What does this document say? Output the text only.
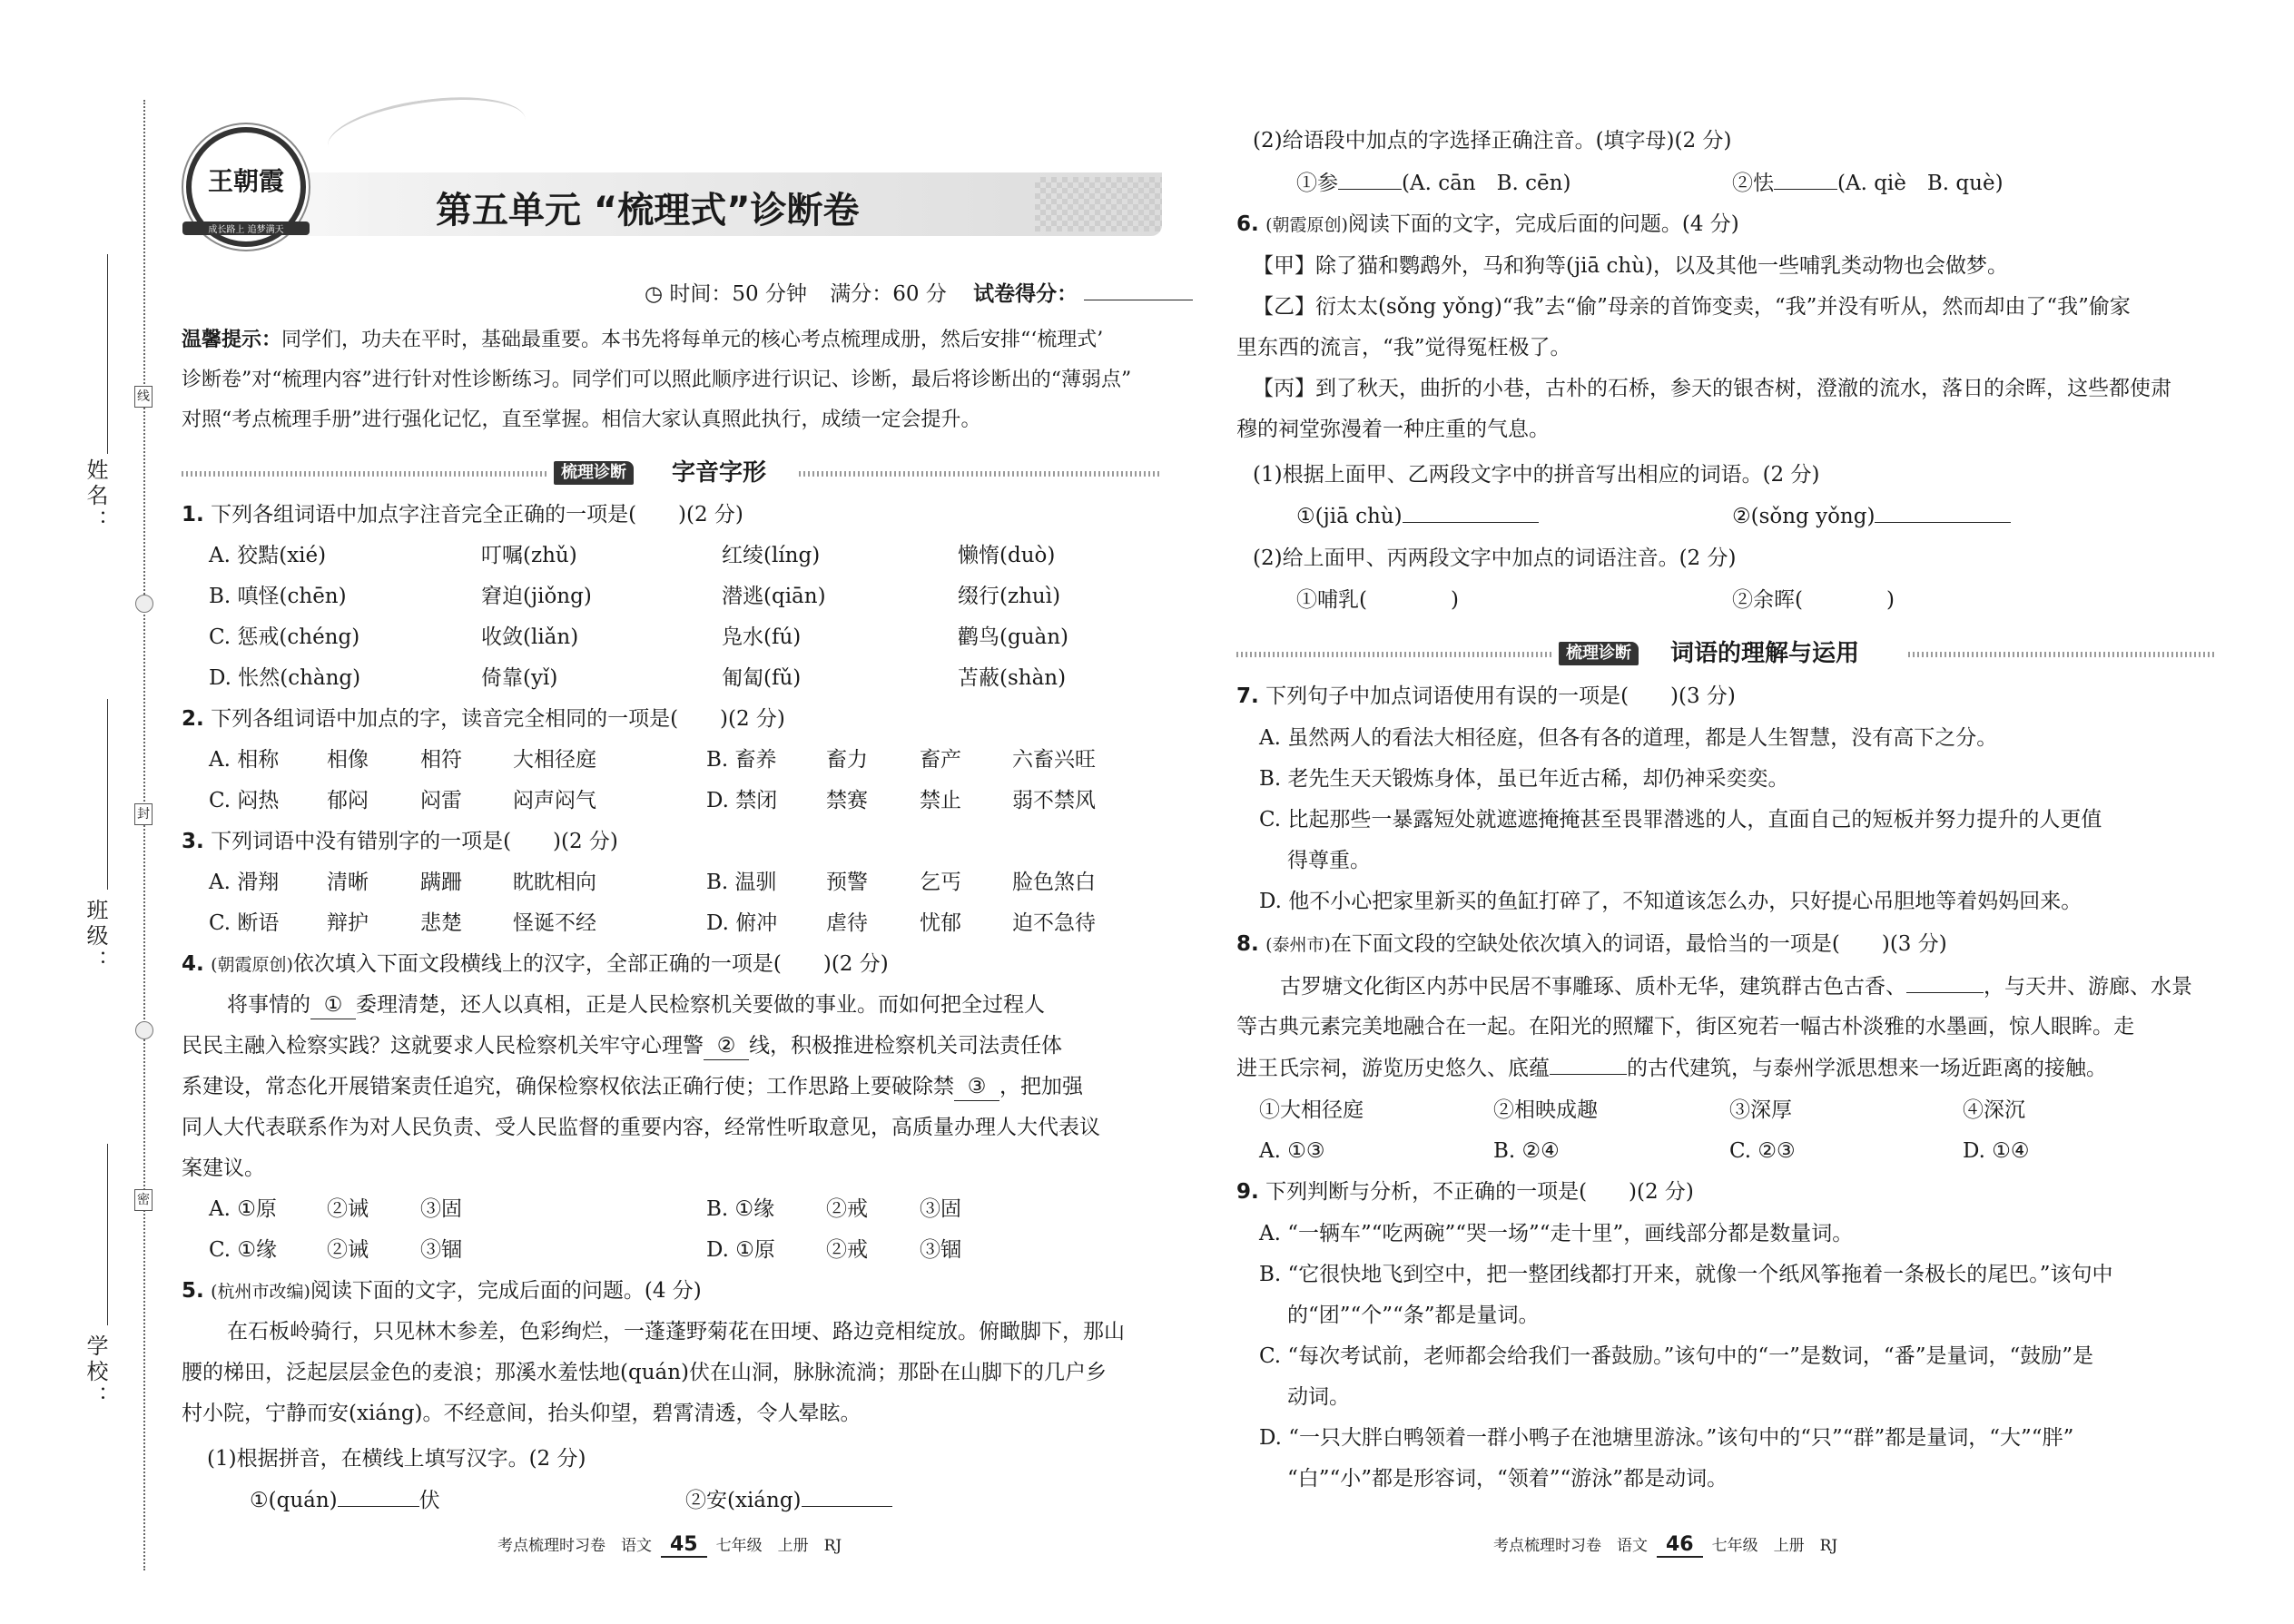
姓名：
班级：
学校：
线
封
密
王朝霞
成长路上 追梦满天	第五单元 “梳理式”诊断卷
◷ 时间：50 分钟 满分：60 分 试卷得分：
温馨提示：同学们，功夫在平时，基础最重要。本书先将每单元的核心考点梳理成册，然后安排“‘梳理式’
诊断卷”对“梳理内容”进行针对性诊断练习。同学们可以照此顺序进行识记、诊断，最后将诊断出的“薄弱点”
对照“考点梳理手册”进行强化记忆，直至掌握。相信大家认真照此执行，成绩一定会提升。
梳理诊断	字音字形
1. 下列各组词语中加点字注音完全正确的一项是(　　)(2 分)
A. 狡黠(xié)	叮嘱(zhǔ)	红绫(líng)	懒惰(duò)
B. 嗔怪(chēn)	窘迫(jiǒng)	潜逃(qiān)	缀行(zhuì)
C. 惩戒(chéng)	收敛(liǎn)	凫水(fú)	鹳鸟(guàn)
D. 怅然(chàng)	倚靠(yǐ)	匍匐(fǔ)	苫蔽(shàn)
2. 下列各组词语中加点的字，读音完全相同的一项是(　　)(2 分)
A. 相称 相像 相符 大相径庭	B. 畜养 畜力 畜产 六畜兴旺
C. 闷热 郁闷 闷雷 闷声闷气	D. 禁闭 禁赛 禁止 弱不禁风
3. 下列词语中没有错别字的一项是(　　)(2 分)
A. 滑翔 清晰 蹒跚 眈眈相向	B. 温驯 预警 乞丐 脸色煞白
C. 断语 辩护 悲楚 怪诞不经	D. 俯冲 虐待 忧郁 迫不急待
4. (朝霞原创)依次填入下面文段横线上的汉字，全部正确的一项是(　　)(2 分)
将事情的 ① 委理清楚，还人以真相，正是人民检察机关要做的事业。而如何把全过程人
民民主融入检察实践？这就要求人民检察机关牢守心理警 ② 线，积极推进检察机关司法责任体
系建设，常态化开展错案责任追究，确保检察权依法正确行使；工作思路上要破除禁 ③ ，把加强
同人大代表联系作为对人民负责、受人民监督的重要内容，经常性听取意见，高质量办理人大代表议
案建议。
A. ①原 ②诫 ③固	B. ①缘 ②戒 ③固
C. ①缘 ②诫 ③锢	D. ①原 ②戒 ③锢
5. (杭州市改编)阅读下面的文字，完成后面的问题。(4 分)
在石板岭骑行，只见林木参差，色彩绚烂，一蓬蓬野菊花在田埂、路边竞相绽放。俯瞰脚下，那山
腰的梯田，泛起层层金色的麦浪；那溪水羞怯地(quán)伏在山洞，脉脉流淌；那卧在山脚下的几户乡
村小院，宁静而安(xiáng)。不经意间，抬头仰望，碧霄清透，令人晕眩。
(1)根据拼音，在横线上填写汉字。(2 分)
①(quán)	伏	②安(xiáng)
考点梳理时习卷　语文 45 七年级　上册　RJ
(2)给语段中加点的字选择正确注音。(填字母)(2 分)
①参	(A. cān　B. cēn)	②怯	(A. qiè　B. què)
6. (朝霞原创)阅读下面的文字，完成后面的问题。(4 分)
【甲】除了猫和鹦鹉外，马和狗等(jiā chù)，以及其他一些哺乳类动物也会做梦。
【乙】衍太太(sǒng yǒng)“我”去“偷”母亲的首饰变卖，“我”并没有听从，然而却由了“我”偷家
里东西的流言，“我”觉得冤枉极了。
【丙】到了秋天，曲折的小巷，古朴的石桥，参天的银杏树，澄澈的流水，落日的余晖，这些都使肃
穆的祠堂弥漫着一种庄重的气息。
(1)根据上面甲、乙两段文字中的拼音写出相应的词语。(2 分)
①(jiā chù)	②(sǒng yǒng)
(2)给上面甲、丙两段文字中加点的词语注音。(2 分)
①哺乳(　　　　)	②余晖(　　　　)
梳理诊断	词语的理解与运用
7. 下列句子中加点词语使用有误的一项是(　　)(3 分)
A. 虽然两人的看法大相径庭，但各有各的道理，都是人生智慧，没有高下之分。
B. 老先生天天锻炼身体，虽已年近古稀，却仍神采奕奕。
C. 比起那些一暴露短处就遮遮掩掩甚至畏罪潜逃的人，直面自己的短板并努力提升的人更值
得尊重。
D. 他不小心把家里新买的鱼缸打碎了，不知道该怎么办，只好提心吊胆地等着妈妈回来。
8. (泰州市)在下面文段的空缺处依次填入的词语，最恰当的一项是(　　)(3 分)
古罗塘文化街区内苏中民居不事雕琢、质朴无华，建筑群古色古香、	，与天井、游廊、水景
等古典元素完美地融合在一起。在阳光的照耀下，街区宛若一幅古朴淡雅的水墨画，惊人眼眸。走
进王氏宗祠，游览历史悠久、底蕴	的古代建筑，与泰州学派思想来一场近距离的接触。
①大相径庭	②相映成趣	③深厚	④深沉
A. ①③	B. ②④	C. ②③	D. ①④
9. 下列判断与分析，不正确的一项是(　　)(2 分)
A. “一辆车”“吃两碗”“哭一场”“走十里”，画线部分都是数量词。
B. “它很快地飞到空中，把一整团线都打开来，就像一个纸风筝拖着一条极长的尾巴。”该句中
的“团”“个”“条”都是量词。
C. “每次考试前，老师都会给我们一番鼓励。”该句中的“一”是数词，“番”是量词，“鼓励”是
动词。
D. “一只大胖白鸭领着一群小鸭子在池塘里游泳。”该句中的“只”“群”都是量词，“大”“胖”
“白”“小”都是形容词，“领着”“游泳”都是动词。
考点梳理时习卷　语文 46 七年级　上册　RJ
